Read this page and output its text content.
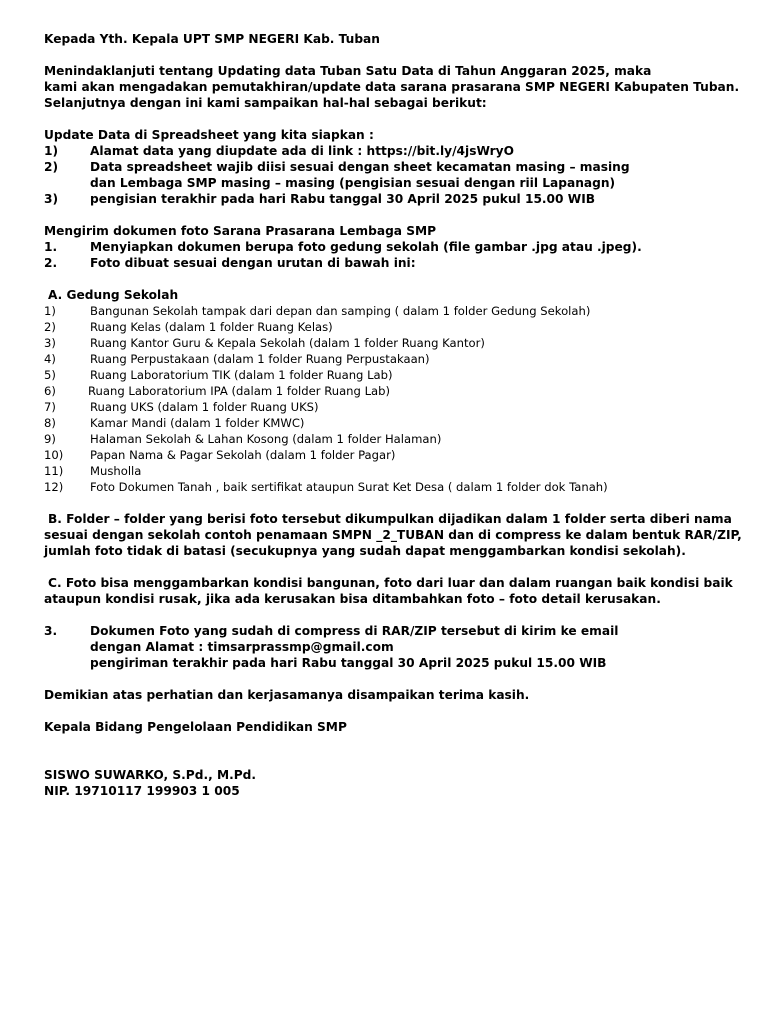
Kepada Yth. Kepala UPT SMP NEGERI Kab. Tuban
Menindaklanjuti tentang Updating data Tuban Satu Data di Tahun Anggaran 2025, maka
kami akan mengadakan pemutakhiran/update data sarana prasarana SMP NEGERI Kabupaten Tuban.
Selanjutnya dengan ini kami sampaikan hal-hal sebagai berikut:
Update Data di Spreadsheet yang kita siapkan :
1)	Alamat data yang diupdate ada di link : https://bit.ly/4jsWryO
2)	Data spreadsheet wajib diisi sesuai dengan sheet kecamatan masing – masing
dan Lembaga SMP masing – masing (pengisian sesuai dengan riil Lapanagn)
3)	pengisian terakhir pada hari Rabu tanggal 30 April 2025 pukul 15.00 WIB
Mengirim dokumen foto Sarana Prasarana Lembaga SMP
1.	Menyiapkan dokumen berupa foto gedung sekolah (file gambar .jpg atau .jpeg).
2.	Foto dibuat sesuai dengan urutan di bawah ini:
A. Gedung Sekolah
1)	Bangunan Sekolah tampak dari depan dan samping ( dalam 1 folder Gedung Sekolah)
2)	Ruang Kelas (dalam 1 folder Ruang Kelas)
3)	Ruang Kantor Guru & Kepala Sekolah (dalam 1 folder Ruang Kantor)
4)	Ruang Perpustakaan (dalam 1 folder Ruang Perpustakaan)
5)	Ruang Laboratorium TIK (dalam 1 folder Ruang Lab)
6)	Ruang Laboratorium IPA (dalam 1 folder Ruang Lab)
7)	Ruang UKS (dalam 1 folder Ruang UKS)
8)	Kamar Mandi (dalam 1 folder KMWC)
9)	Halaman Sekolah & Lahan Kosong (dalam 1 folder Halaman)
10) Papan Nama & Pagar Sekolah (dalam 1 folder Pagar)
11) Musholla
12) Foto Dokumen Tanah , baik sertifikat ataupun Surat Ket Desa ( dalam 1 folder dok Tanah)
B. Folder – folder yang berisi foto tersebut dikumpulkan dijadikan dalam 1 folder serta diberi nama
sesuai dengan sekolah contoh penamaan SMPN _2_TUBAN dan di compress ke dalam bentuk RAR/ZIP,
jumlah foto tidak di batasi (secukupnya yang sudah dapat menggambarkan kondisi sekolah).
C. Foto bisa menggambarkan kondisi bangunan, foto dari luar dan dalam ruangan baik kondisi baik
ataupun kondisi rusak, jika ada kerusakan bisa ditambahkan foto – foto detail kerusakan.
3.	Dokumen Foto yang sudah di compress di RAR/ZIP tersebut di kirim ke email
dengan Alamat : timsarprassmp@gmail.com
pengiriman terakhir pada hari Rabu tanggal 30 April 2025 pukul 15.00 WIB
Demikian atas perhatian dan kerjasamanya disampaikan terima kasih.
Kepala Bidang Pengelolaan Pendidikan SMP
SISWO SUWARKO, S.Pd., M.Pd.
NIP. 19710117 199903 1 005
